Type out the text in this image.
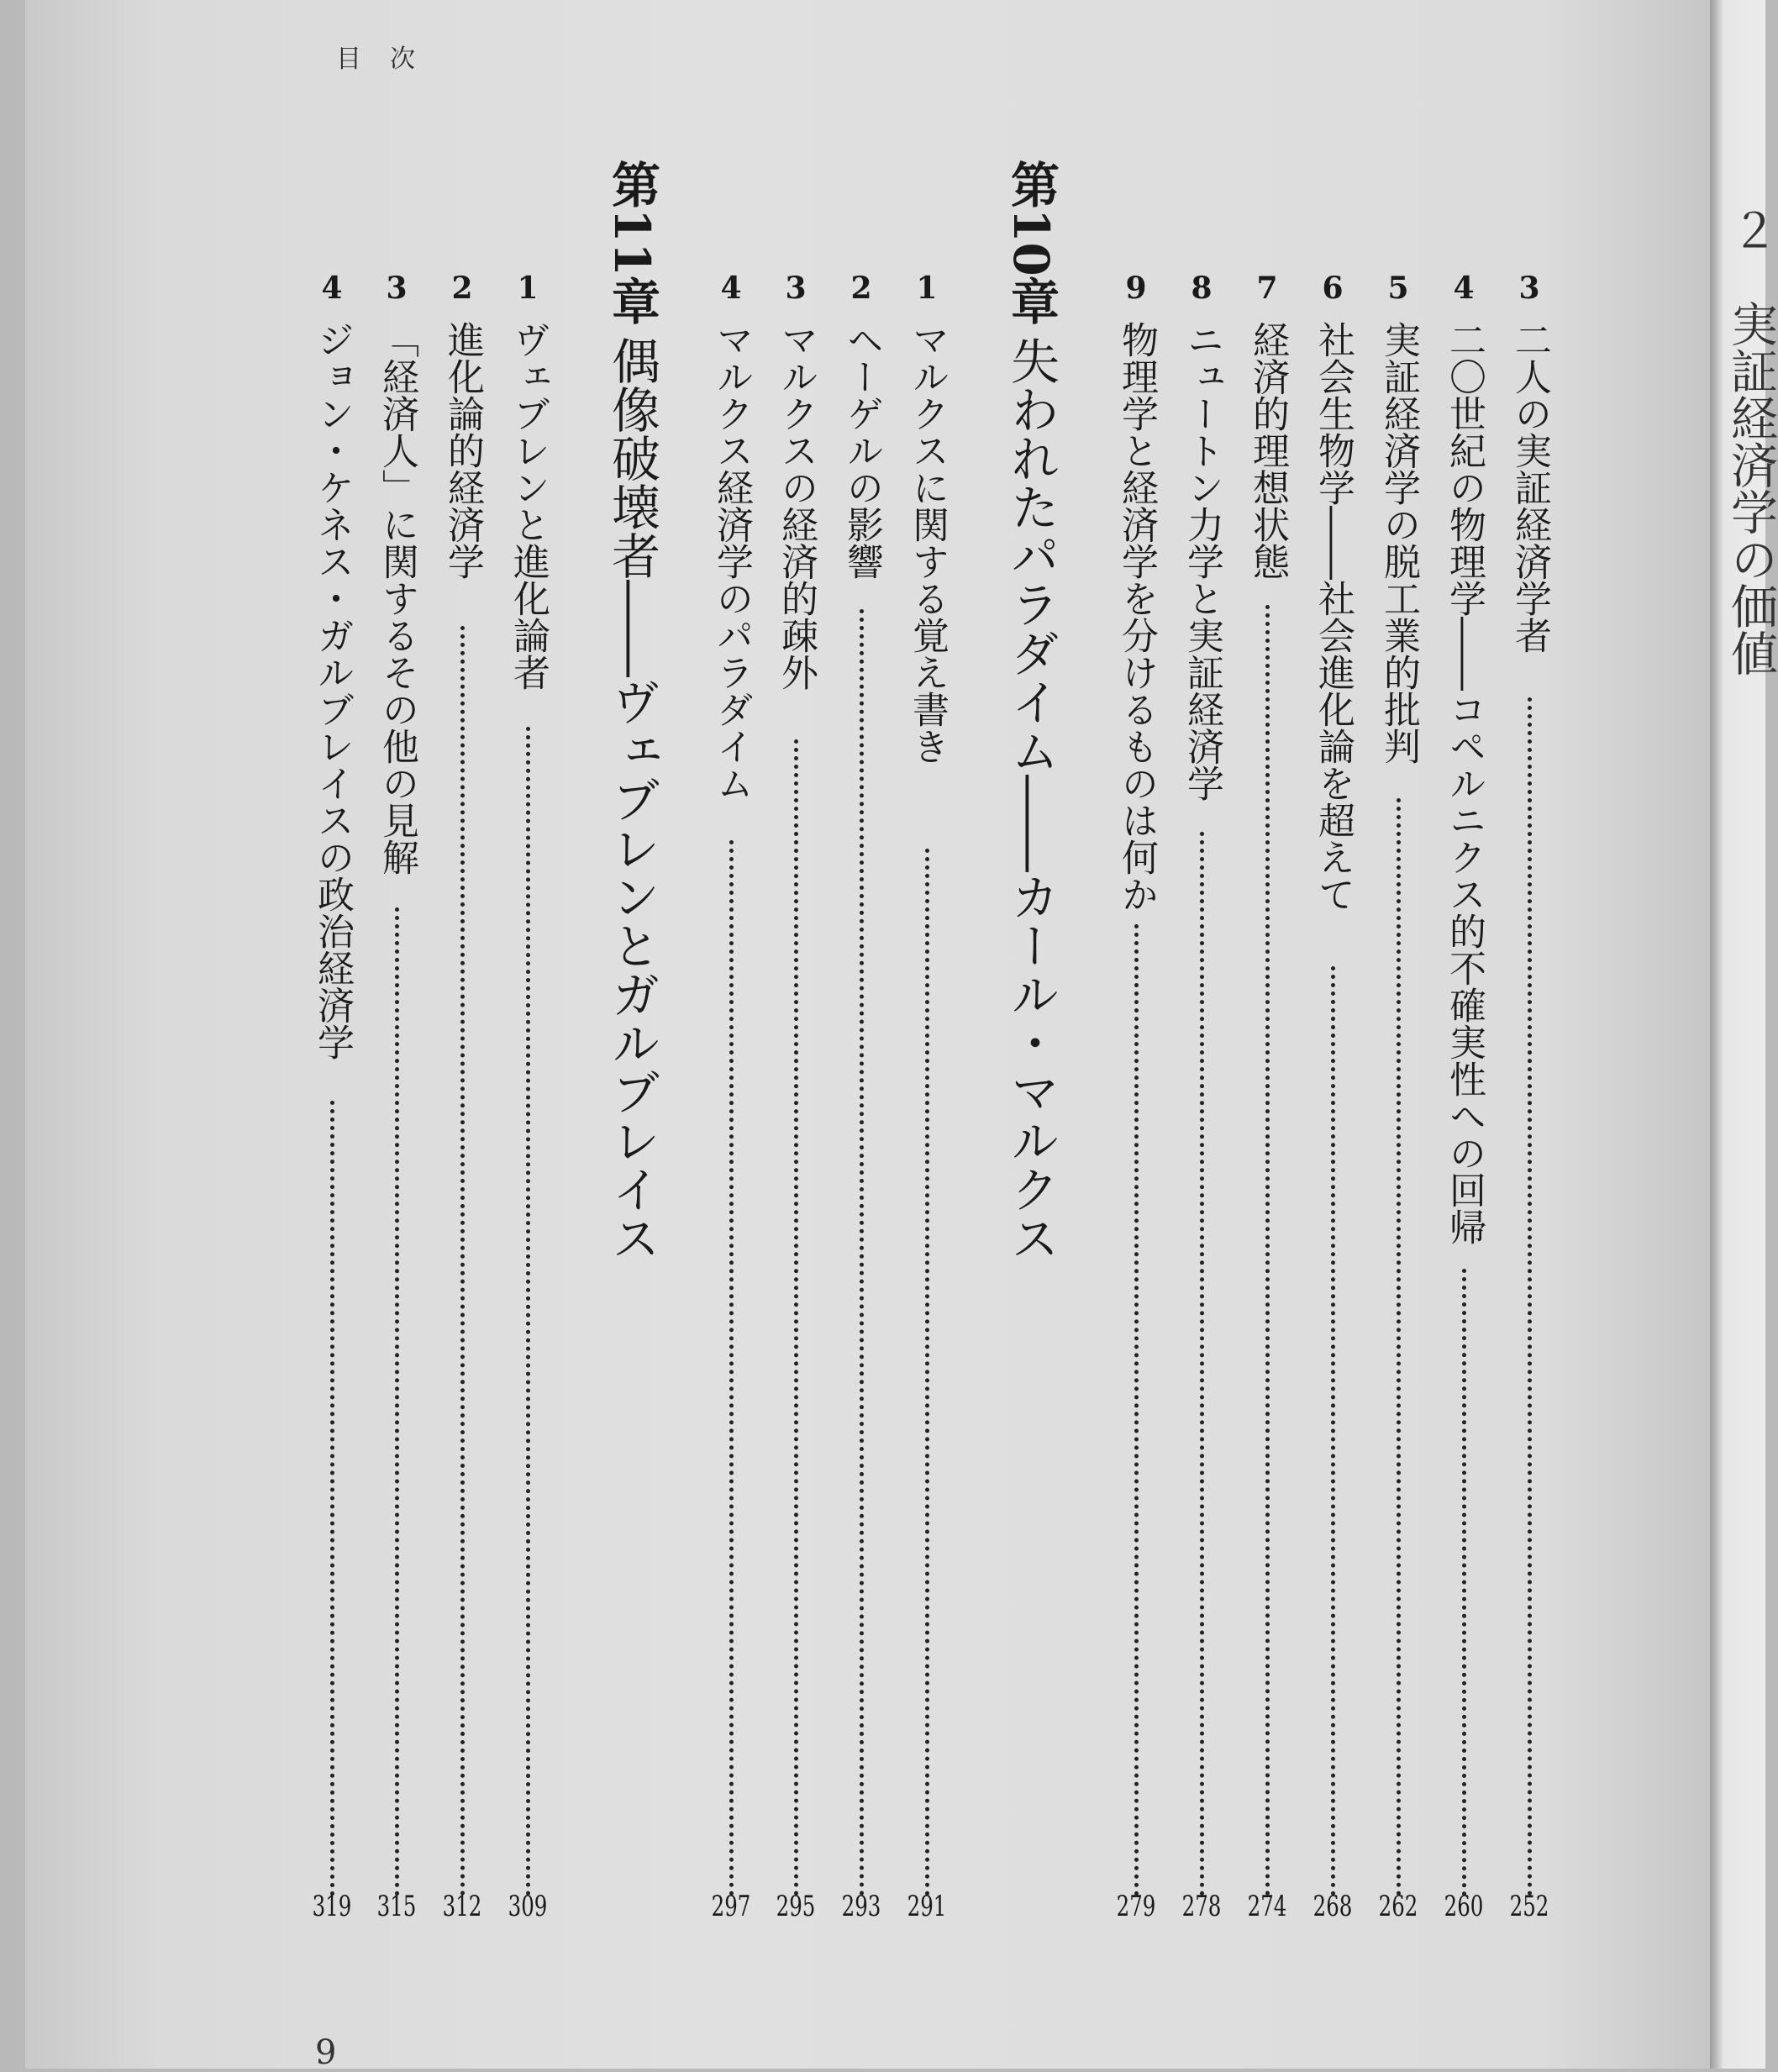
２　実証経済学の価値
目　次
3
二人の実証経済学者
252
4
二〇世紀の物理学――コペルニクス的不確実性への回帰
260
5
実証経済学の脱工業的批判
262
6
社会生物学――社会進化論を超えて
268
7
経済的理想状態
274
8
ニュートン力学と実証経済学
278
9
物理学と経済学を分けるものは何か
279
第10章
失われたパラダイム――カール・マルクス
1
マルクスに関する覚え書き
291
2
ヘーゲルの影響
293
3
マルクスの経済的疎外
295
4
マルクス経済学のパラダイム
297
第11章
偶像破壊者――ヴェブレンとガルブレイス
1
ヴェブレンと進化論者
309
2
進化論的経済学
312
3
「経済人」に関するその他の見解
315
4
ジョン・ケネス・ガルブレイスの政治経済学
319
9
